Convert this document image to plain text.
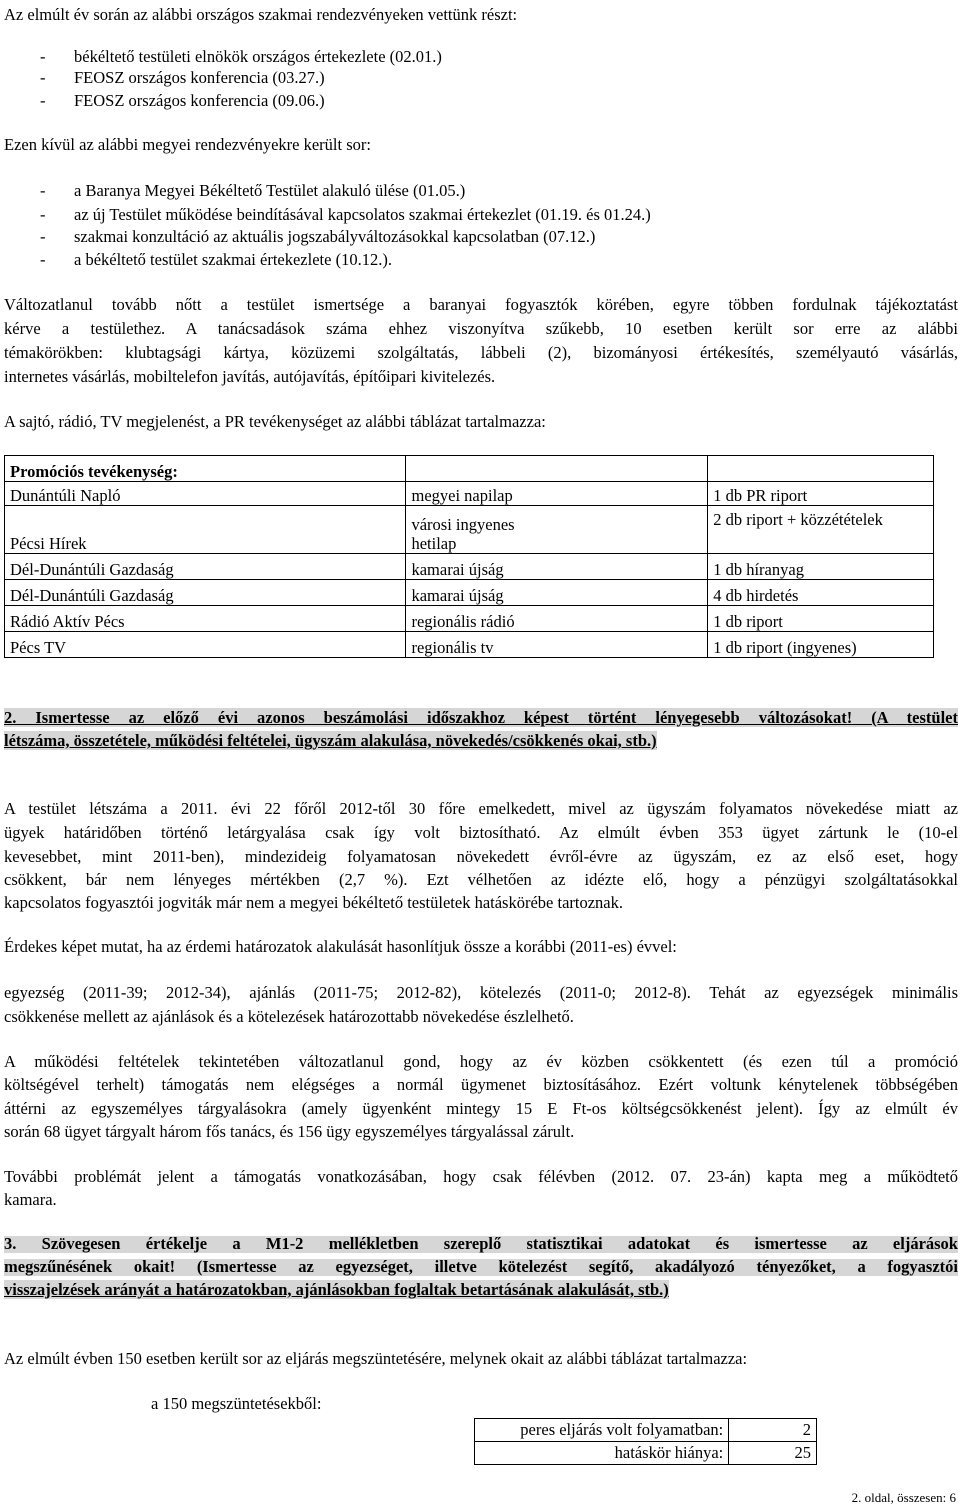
Az elmúlt év során az alábbi országos szakmai rendezvényeken vettünk részt:
- békéltető testületi elnökök országos értekezlete (02.01.)
- FEOSZ országos konferencia (03.27.)
- FEOSZ országos konferencia (09.06.)
Ezen kívül az alábbi megyei rendezvényekre került sor:
- a Baranya Megyei Békéltető Testület alakuló ülése (01.05.)
- az új Testület működése beindításával kapcsolatos szakmai értekezlet (01.19. és 01.24.)
- szakmai konzultáció az aktuális jogszabályváltozásokkal kapcsolatban (07.12.)
- a békéltető testület szakmai értekezlete (10.12.).
Változatlanul tovább nőtt a testület ismertsége a baranyai fogyasztók körében, egyre többen fordulnak tájékoztatást
kérve a testülethez. A tanácsadások száma ehhez viszonyítva szűkebb, 10 esetben került sor erre az alábbi
témakörökben: klubtagsági kártya, közüzemi szolgáltatás, lábbeli (2), bizományosi értékesítés, személyautó vásárlás,
internetes vásárlás, mobiltelefon javítás, autójavítás, építőipari kivitelezés.
A sajtó, rádió, TV megjelenést, a PR tevékenységet az alábbi táblázat tartalmazza:
Promóciós tevékenység:		
Dunántúli Napló	megyei napilap	1 db PR riport
Pécsi Hírek	városi ingyenes hetilap	2 db riport + közzétételek
Dél-Dunántúli Gazdaság	kamarai újság	1 db híranyag
Dél-Dunántúli Gazdaság	kamarai újság	4 db hirdetés
Rádió Aktív Pécs	regionális rádió	1 db riport
Pécs TV	regionális tv	1 db riport (ingyenes)
2. Ismertesse az előző évi azonos beszámolási időszakhoz képest történt lényegesebb változásokat! (A testület
létszáma, összetétele, működési feltételei, ügyszám alakulása, növekedés/csökkenés okai, stb.)
A testület létszáma a 2011. évi 22 főről 2012-től 30 főre emelkedett, mivel az ügyszám folyamatos növekedése miatt az
ügyek határidőben történő letárgyalása csak így volt biztosítható. Az elmúlt évben 353 ügyet zártunk le (10-el
kevesebbet, mint 2011-ben), mindezideig folyamatosan növekedett évről-évre az ügyszám, ez az első eset, hogy
csökkent, bár nem lényeges mértékben (2,7 %). Ezt vélhetően az idézte elő, hogy a pénzügyi szolgáltatásokkal
kapcsolatos fogyasztói jogviták már nem a megyei békéltető testületek hatáskörébe tartoznak.
Érdekes képet mutat, ha az érdemi határozatok alakulását hasonlítjuk össze a korábbi (2011-es) évvel:
egyezség (2011-39; 2012-34), ajánlás (2011-75; 2012-82), kötelezés (2011-0; 2012-8). Tehát az egyezségek minimális
csökkenése mellett az ajánlások és a kötelezések határozottabb növekedése észlelhető.
A működési feltételek tekintetében változatlanul gond, hogy az év közben csökkentett (és ezen túl a promóció
költségével terhelt) támogatás nem elégséges a normál ügymenet biztosításához. Ezért voltunk kénytelenek többségében
áttérni az egyszemélyes tárgyalásokra (amely ügyenként mintegy 15 E Ft-os költségcsökkenést jelent). Így az elmúlt év
során 68 ügyet tárgyalt három fős tanács, és 156 ügy egyszemélyes tárgyalással zárult.
További problémát jelent a támogatás vonatkozásában, hogy csak félévben (2012. 07. 23-án) kapta meg a működtető
kamara.
3. Szövegesen értékelje a M1-2 mellékletben szereplő statisztikai adatokat és ismertesse az eljárások
megszűnésének okait! (Ismertesse az egyezséget, illetve kötelezést segítő, akadályozó tényezőket, a fogyasztói
visszajelzések arányát a határozatokban, ajánlásokban foglaltak betartásának alakulását, stb.)
Az elmúlt évben 150 esetben került sor az eljárás megszüntetésére, melynek okait az alábbi táblázat tartalmazza:
a 150 megszüntetésekből:
peres eljárás volt folyamatban:	2
hatáskör hiánya:	25
2. oldal, összesen: 6
